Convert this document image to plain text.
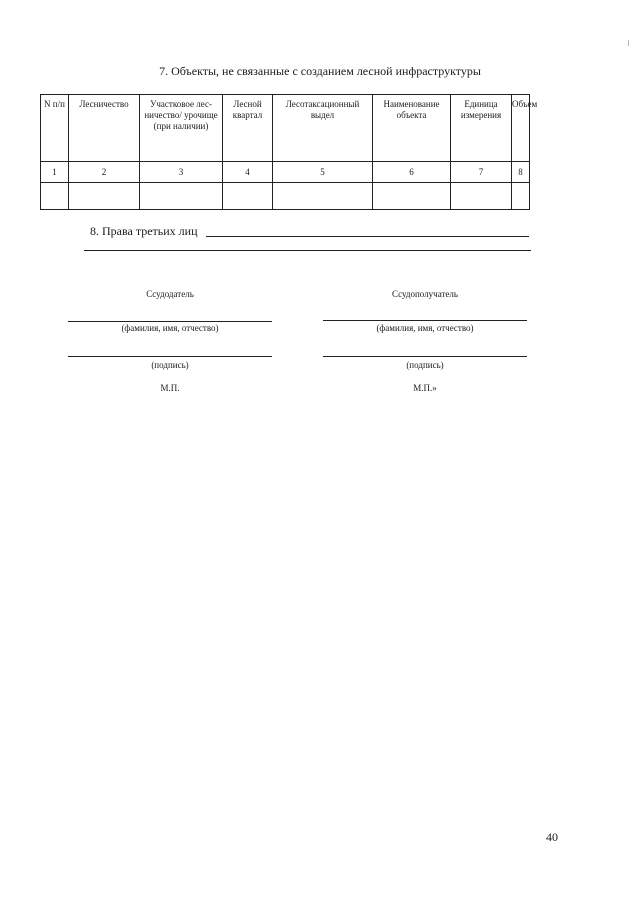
7. Объекты, не связанные с созданием лесной инфраструктуры
N п/п	Лесничество	Участковое лес-ничество/ урочище (при наличии)	Лесной квартал	Лесотаксационный выдел	Наименование объекта	Единица измерения	Объем
1	2	3	4	5	6	7	8

8. Права третьих лиц
Ссудодатель
(фамилия, имя, отчество)
(подпись)
М.П.
Ссудополучатель
(фамилия, имя, отчество)
(подпись)
М.П.»
40
